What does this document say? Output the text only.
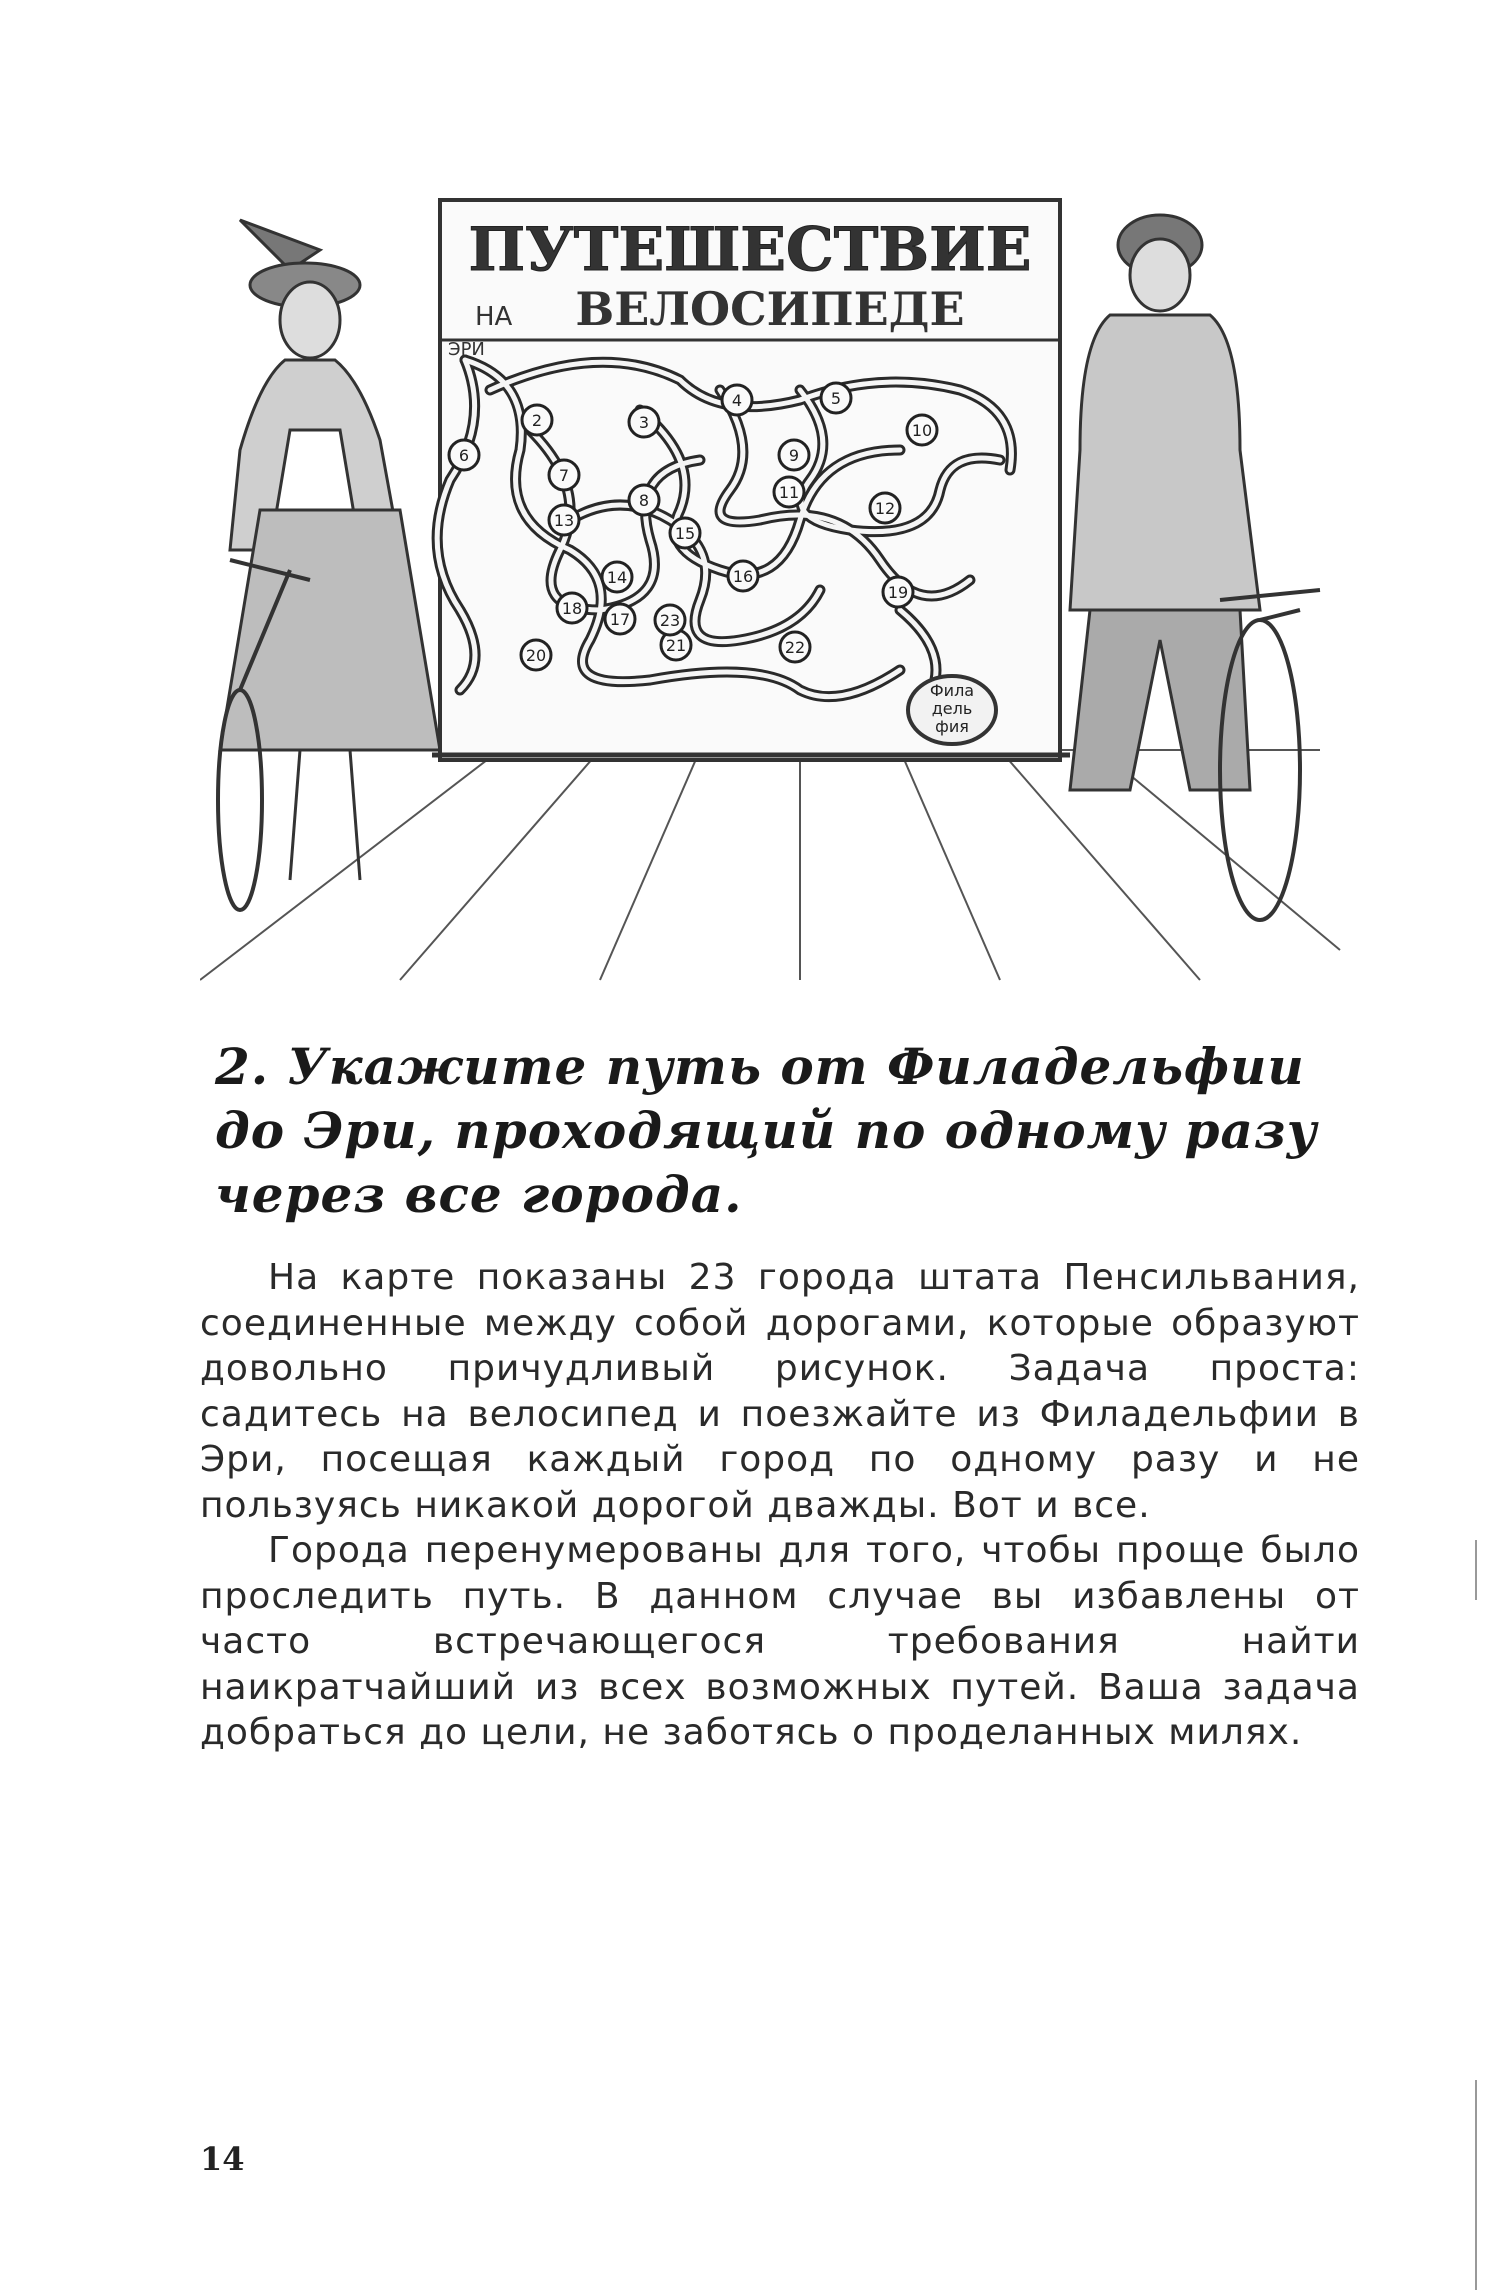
ПУТЕШЕСТВИЕ
НА ВЕЛОСИПЕДЕ
ЭРИ
2	3
4	5
6
7
8
9
10
11
12
13
14
15
16
17
18
19
20
21	22
23
Фила
дель
фия
2. Укажите путь от Филадельфии
до Эри, проходящий по одному разу
через все города.

На карте показаны 23 города штата Пенсильвания, соединенные между собой дорогами, которые образуют довольно причудливый рисунок. Задача проста: садитесь на велосипед и поезжайте из Филадельфии в Эри, посещая каждый город по одному разу и не пользуясь никакой дорогой дважды. Вот и все.

Города перенумерованы для того, чтобы проще было проследить путь. В данном случае вы избавлены от часто встречающегося требования найти наикратчайший из всех возможных путей. Ваша задача добраться до цели, не заботясь о проделанных милях.

14
